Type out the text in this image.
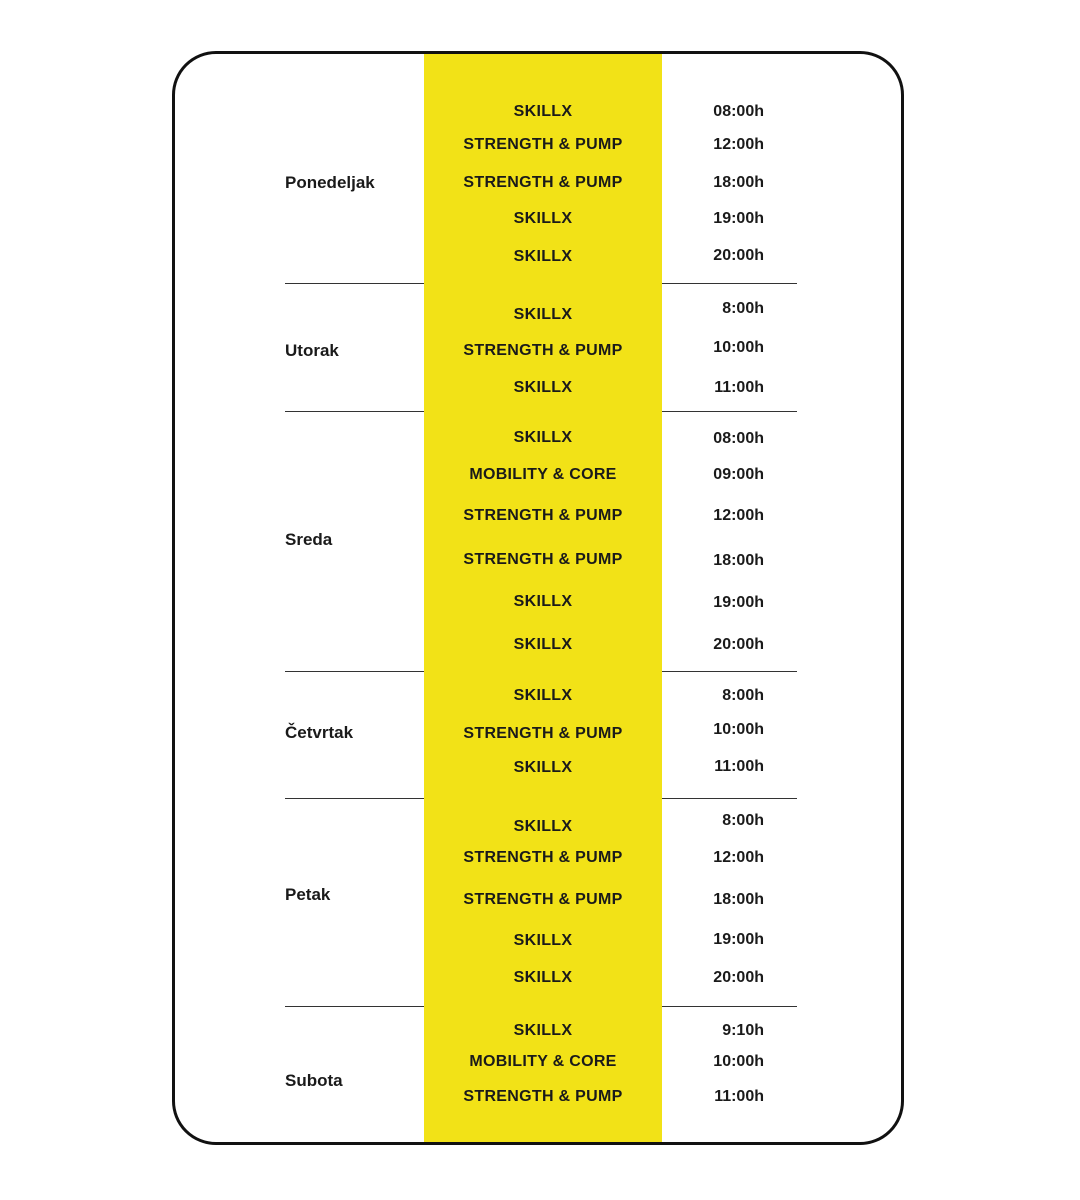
Ponedeljak
SKILLX	08:00h
STRENGTH & PUMP	12:00h
STRENGTH & PUMP	18:00h
SKILLX	19:00h
SKILLX	20:00h
Utorak
SKILLX	8:00h
STRENGTH & PUMP	10:00h
SKILLX	11:00h
Sreda
SKILLX	08:00h
MOBILITY & CORE	09:00h
STRENGTH & PUMP	12:00h
STRENGTH & PUMP	18:00h
SKILLX	19:00h
SKILLX	20:00h
Četvrtak
SKILLX	8:00h
STRENGTH & PUMP	10:00h
SKILLX	11:00h
Petak
SKILLX	8:00h
STRENGTH & PUMP	12:00h
STRENGTH & PUMP	18:00h
SKILLX	19:00h
SKILLX	20:00h
Subota
SKILLX	9:10h
MOBILITY & CORE	10:00h
STRENGTH & PUMP	11:00h
